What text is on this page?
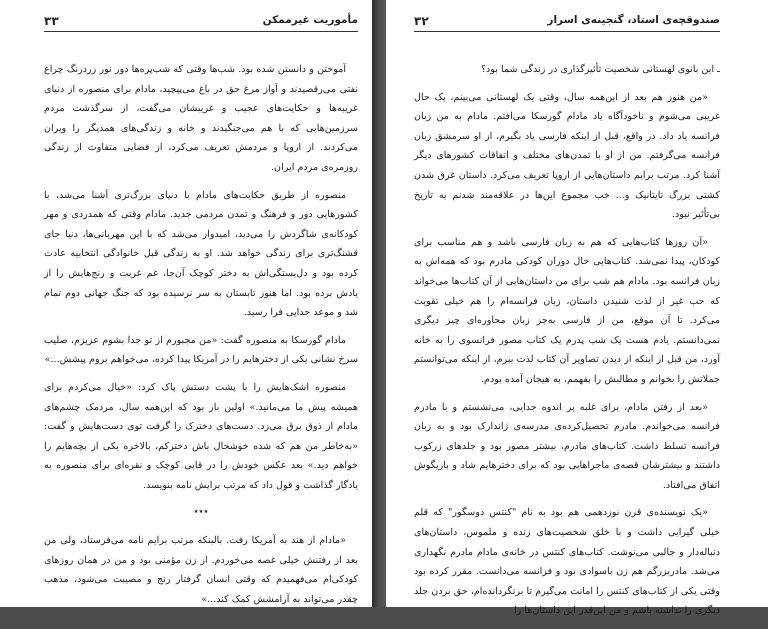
۳۳	مأموریت غیرممکن

آموختن و دانستن شده بود. شب‌ها وقتی که شب‌پره‌ها دور نور زردرنگ چراغ نفتی می‌رقصیدند و آواز مرغ حق در باغ می‌پیچید، مادام برای منصوره از دنیای غریبه‌ها و حکایت‌های عجیب و غریبشان می‌گفت، از سرگذشت مردم سرزمین‌هایی که با هم می‌جنگیدند و خانه و زندگی‌های همدیگر را ویران می‌کردند. از اروپا و مردمش تعریف می‌کرد، از فضایی متفاوت از زندگی روزمره‌ی مردم ایران.

منصوره از طریق حکایت‌های مادام با دنیای بزرگ‌تری آشنا می‌شد، با کشورهایی دور و فرهنگ و تمدن مردمی جدید. مادام وقتی که همدردی و مهر کودکانه‌ی شاگردش را می‌دید، امیدوار می‌شد که با این مهربانی‌ها، دنیا جای قشنگ‌تری برای زندگی خواهد شد. او به زندگی قبل خانوادگی انتخابیه عادت کرده بود و دل‌بستگی‌اش به دختر کوچک آن‌جا، غم غربت و رنج‌هایش را از یادش برده بود. اما هنوز تابستان به سر نرسیده بود که جنگ جهانی دوم تمام شد و موعد جدایی فرا رسید.

مادام گورسکا به منصوره گفت: «من مجبورم از تو جدا بشوم عزیزم، صلیب سرخ نشانی یکی از دخترهایم را در آمریکا پیدا کرده، می‌خواهم بروم پیشش...»

منصوره اشک‌هایش را با پشت دستش پاک کرد: «خیال می‌کردم برای همیشه پیش ما می‌مانید.» اولین بار بود که این‌همه سال، مردمک چشم‌های مادام از ذوق برق می‌زد. دست‌های دخترک را گرفت توی دست‌هایش و گفت: «به‌خاطر من هم که شده خوشحال باش دخترکم، بالاخره یکی از بچه‌هایم را خواهم دید.» بعد عکس خودش را در قابی کوچک و نقره‌ای برای منصوره به یادگار گذاشت و قول داد که مرتب برایش نامه بنویسد.

٭٭٭

«مادام از هند به آمریکا رفت. بالبنکه مرتب برایم نامه می‌فرستاد، ولی من بعد از رفتنش خیلی غصه می‌خوردم. از زن مؤمنی بود و من در همان روزهای کودکی‌ام می‌فهمیدم که وقتی انسان گرفتار رنج و مصیبت می‌شود، مذهب چقدر می‌تواند به آرامشش کمک کند...»

۳۲	صندوقچه‌ی استاد، گنجینه‌ی اسرار

ـ این بانوی لهستانی شخصیت تأثیرگذاری در زندگی شما بود؟

«من هنوز هم بعد از این‌همه سال، وقتی یک لهستانی می‌بینم، یک حال غریبی می‌شوم و ناخودآگاه یاد مادام گورسکا می‌افتم. مادام به من زبان فرانسه یاد داد. در واقع، قبل از اینکه فارسی یاد بگیرم، از او سرمشق زبان فرانسه می‌گرفتم. من از او با تمدن‌های مختلف و اتفاقات کشورهای دیگر آشنا کرد. مرتب برایم داستان‌هایی از اروپا تعریف می‌کرد. داستان غرق شدن کشتی بزرگ تایتانیک و... خب مجموع این‌ها در علاقه‌مند شدنم به تاریخ بی‌تأثیر نبود.

«آن روزها کتاب‌هایی که هم به زبان فارسی باشد و هم مناسب برای کودکان، پیدا نمی‌شد. کتاب‌هایی حال دوران کودکی مادرم بود که همه‌اش به زبان فرانسه بود. مادام هم شب برای من داستان‌هایی از آن کتاب‌ها می‌خواند که حب غیر از لذت شنیدن داستان، زبان فرانسه‌ام را هم خیلی تقویت می‌کرد. تا آن موقع، من از فارسی به‌جز زبان محاوره‌ای چیز دیگری نمی‌دانستم. یادم هست یک شب پدرم یک کتاب مصور فرانسوی را به خانه آورد، من قبل از اینکه از دیدن تصاویر آن کتاب لذت ببرم، از اینکه می‌توانستم جملاتش را بخوانم و مطالبش را بفهمم، به هیجان آمده بودم.

«بعد از رفتن مادام، برای غلبه بر اندوه جدایی، می‌نشستم و با مادرم فرانسه می‌خواندم. مادرم تحصیل‌کرده‌ی مدرسه‌ی ژاندارک بود و به زبان فرانسه تسلط داشت. کتاب‌های مادرم، بیشتر مصور بود و جلدهای زرکوب داشتند و بیشترشان قصه‌ی ماجراهایی بود که برای دخترهایم شاد و بازیگوش اتفاق می‌افتاد.

«یک نویسنده‌ی قرن نوزدهمی هم بود به نام "کنتس دوسگور" که قلم خیلی گیرایی داشت و با خلق شخصیت‌های زنده و ملموس، داستان‌های دنباله‌دار و جالبی می‌نوشت. کتاب‌های کنتس در خانه‌ی مادام مادرم نگهداری می‌شد. مادربزرگم هم زن باسوادی بود و فرانسه می‌دانست. مقرر کرده بود وقتی یکی از کتاب‌های کنتس را امانت می‌گیرم تا برنگردانده‌ام، حق بردن جلد دیگری را نداشته باشم و من این‌قدر این داستان‌ها را
